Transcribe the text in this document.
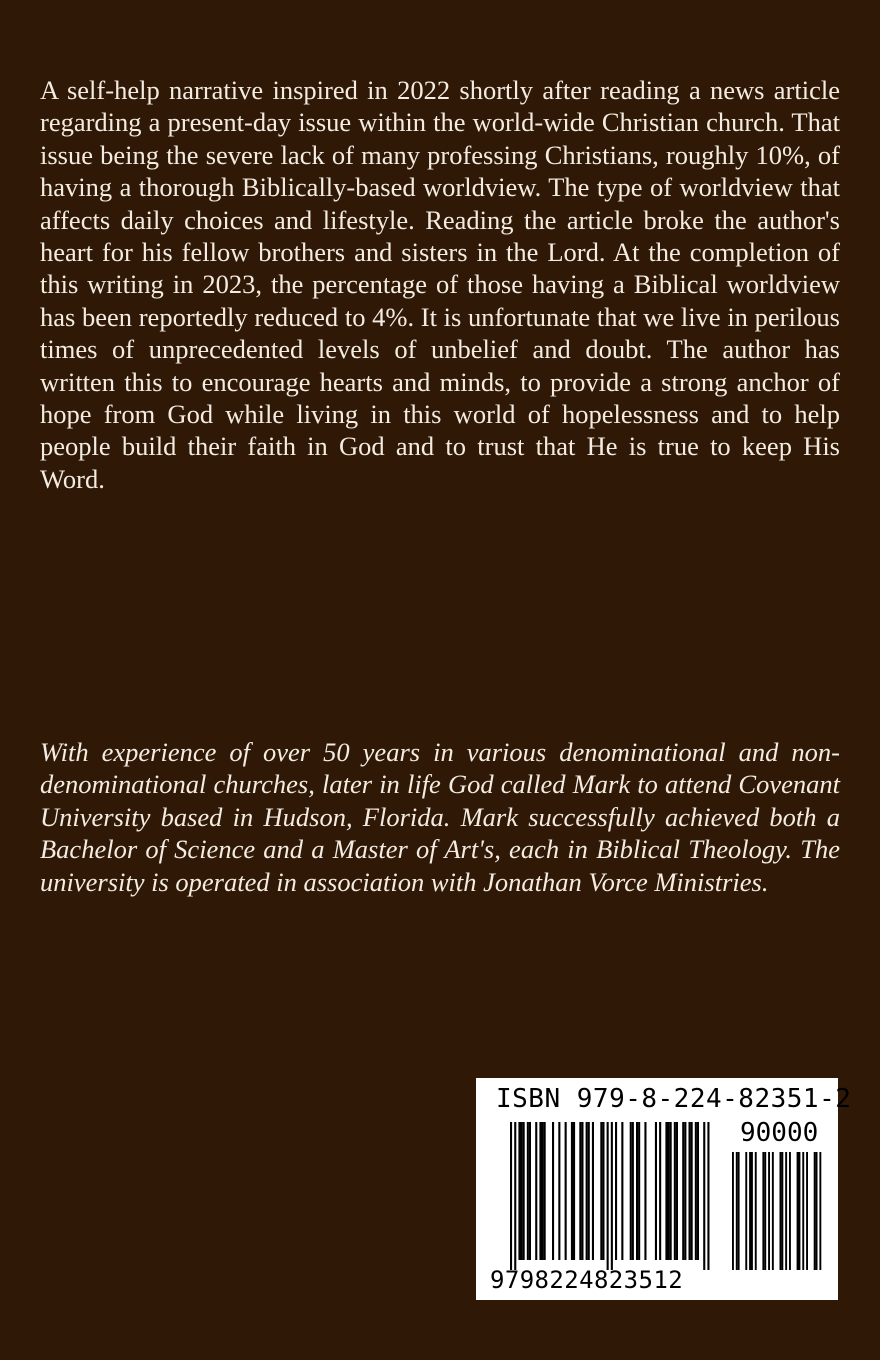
A self-help narrative inspired in 2022 shortly after reading a news article regarding a present-day issue within the world-wide Christian church. That issue being the severe lack of many professing Christians, roughly 10%, of having a thorough Biblically-based worldview. The type of worldview that affects daily choices and lifestyle. Reading the article broke the author's heart for his fellow brothers and sisters in the Lord. At the completion of this writing in 2023, the percentage of those having a Biblical worldview has been reportedly reduced to 4%. It is unfortunate that we live in perilous times of unprecedented levels of unbelief and doubt. The author has written this to encourage hearts and minds, to provide a strong anchor of hope from God while living in this world of hopelessness and to help people build their faith in God and to trust that He is true to keep His Word.

With experience of over 50 years in various denominational and non-denominational churches, later in life God called Mark to attend Covenant University based in Hudson, Florida. Mark successfully achieved both a Bachelor of Science and a Master of Art's, each in Biblical Theology. The university is operated in association with Jonathan Vorce Ministries.

ISBN 979-8-224-82351-2
90000
9798224823512
